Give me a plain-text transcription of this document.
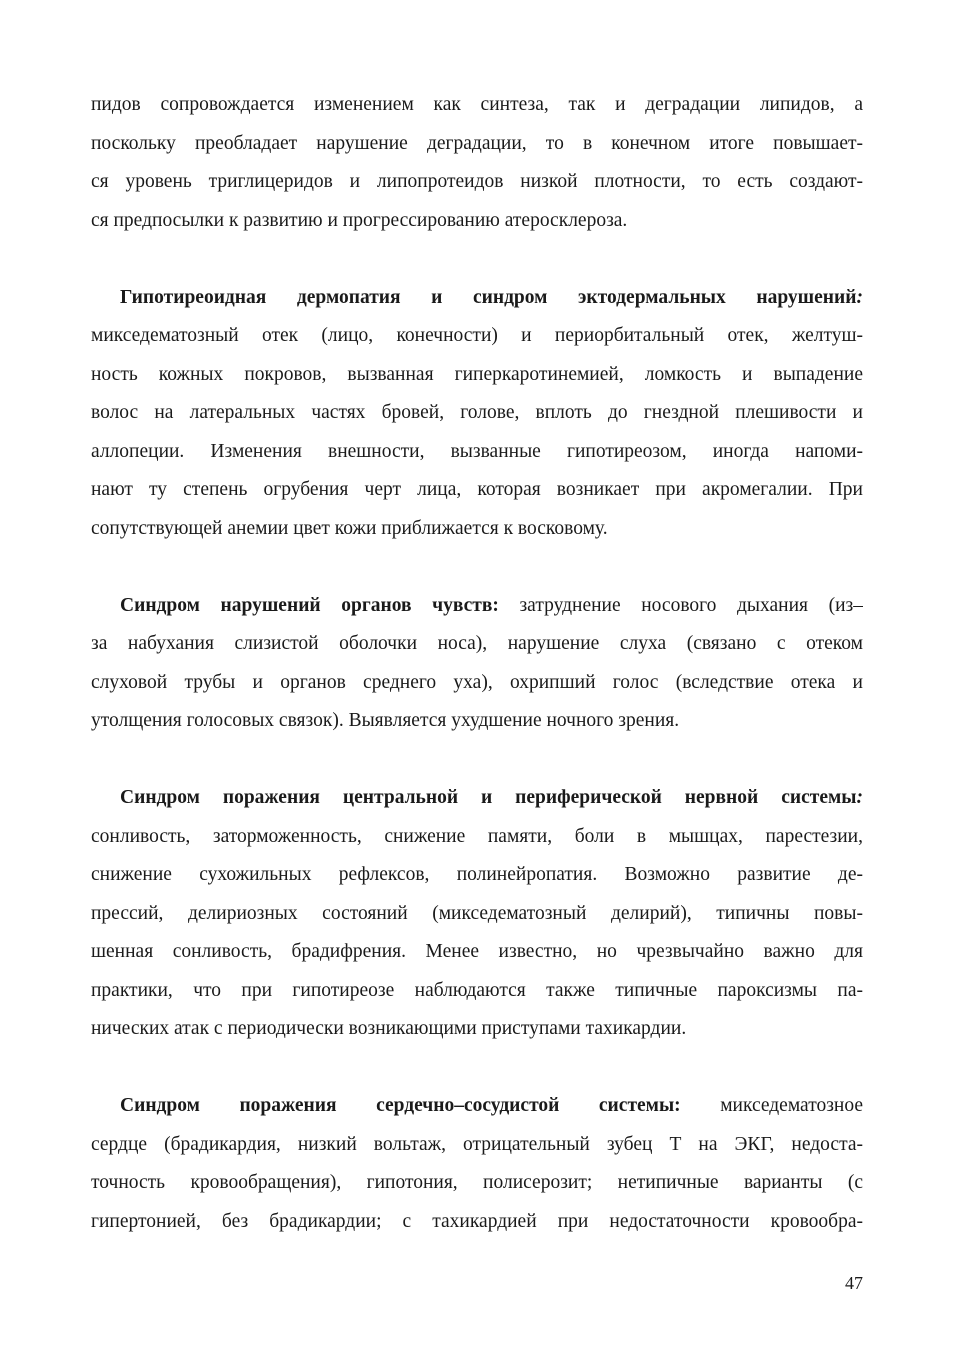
пидов сопровождается изменением как синтеза, так и деградации липидов, а
поскольку преобладает нарушение деградации, то в конечном итоге повышает-
ся уровень триглицеридов и липопротеидов низкой плотности, то есть создают-
ся предпосылки к развитию и прогрессированию атеросклероза.
Гипотиреоидная дермопатия и синдром эктодермальных нарушений:
микседематозный отек (лицо, конечности) и периорбитальный отек, желтуш-
ность кожных покровов, вызванная гиперкаротинемией, ломкость и выпадение
волос на латеральных частях бровей, голове, вплоть до гнездной плешивости и
аллопеции. Изменения внешности, вызванные гипотиреозом, иногда напоми-
нают ту степень огрубения черт лица, которая возникает при акромегалии. При
сопутствующей анемии цвет кожи приближается к восковому.
Синдром нарушений органов чувств: затруднение носового дыхания (из–
за набухания слизистой оболочки носа), нарушение слуха (связано с отеком
слуховой трубы и органов среднего уха), охрипший голос (вследствие отека и
утолщения голосовых связок). Выявляется ухудшение ночного зрения.
Синдром поражения центральной и периферической нервной системы:
сонливость, заторможенность, снижение памяти, боли в мышцах, парестезии,
снижение сухожильных рефлексов, полинейропатия. Возможно развитие де-
прессий, делириозных состояний (микседематозный делирий), типичны повы-
шенная сонливость, брадифрения. Менее известно, но чрезвычайно важно для
практики, что при гипотиреозе наблюдаются также типичные пароксизмы па-
нических атак с периодически возникающими приступами тахикардии.
Синдром поражения сердечно–сосудистой системы: микседематозное
сердце (брадикардия, низкий вольтаж, отрицательный зубец Т на ЭКГ, недоста-
точность кровообращения), гипотония, полисерозит; нетипичные варианты (с
гипертонией, без брадикардии; с тахикардией при недостаточности кровообра-
47
